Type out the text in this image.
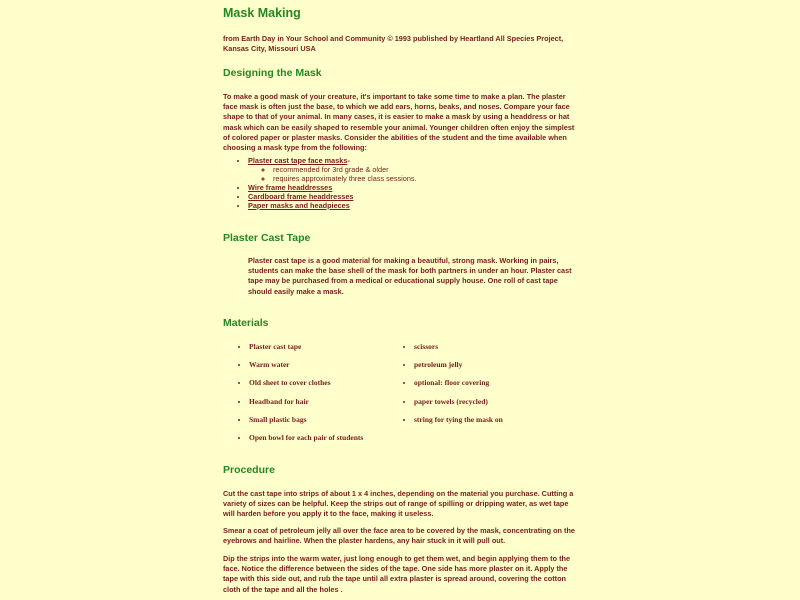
Mask Making
from Earth Day in Your School and Community © 1993 published by Heartland All Species Project, Kansas City, Missouri USA
Designing the Mask

To make a good mask of your creature, it's important to take some time to make a plan. The plaster face mask is often just the base, to which we add ears, horns, beaks, and noses. Compare your face shape to that of your animal. In many cases, it is easier to make a mask by using a headdress or hat mask which can be easily shaped to resemble your animal. Younger children often enjoy the simplest of colored paper or plaster masks. Consider the abilities of the student and the time available when choosing a mask type from the following:

• Plaster cast tape face masks-
◦ recommended for 3rd grade & older
◦ requires approximately three class sessions.
• Wire frame headdresses
• Cardboard frame headdresses
• Paper masks and headpieces
Plaster Cast Tape

Plaster cast tape is a good material for making a beautiful, strong mask. Working in pairs, students can make the base shell of the mask for both partners in under an hour. Plaster cast tape may be purchased from a medical or educational supply house. One roll of cast tape should easily make a mask.

Materials
• Plaster cast tape
• Warm water
• Old sheet to cover clothes
• Headband for hair
• Small plastic bags
• Open bowl for each pair of students
• scissors
• petroleum jelly
• optional: floor covering
• paper towels (recycled)
• string for tying the mask on
Procedure

Cut the cast tape into strips of about 1 x 4 inches, depending on the material you purchase. Cutting a variety of sizes can be helpful. Keep the strips out of range of spilling or dripping water, as wet tape will harden before you apply it to the face, making it useless.

Smear a coat of petroleum jelly all over the face area to be covered by the mask, concentrating on the eyebrows and hairline. When the plaster hardens, any hair stuck in it will pull out.

Dip the strips into the warm water, just long enough to get them wet, and begin applying them to the face. Notice the difference between the sides of the tape. One side has more plaster on it. Apply the tape with this side out, and rub the tape until all extra plaster is spread around, covering the cotton cloth of the tape and all the holes .
